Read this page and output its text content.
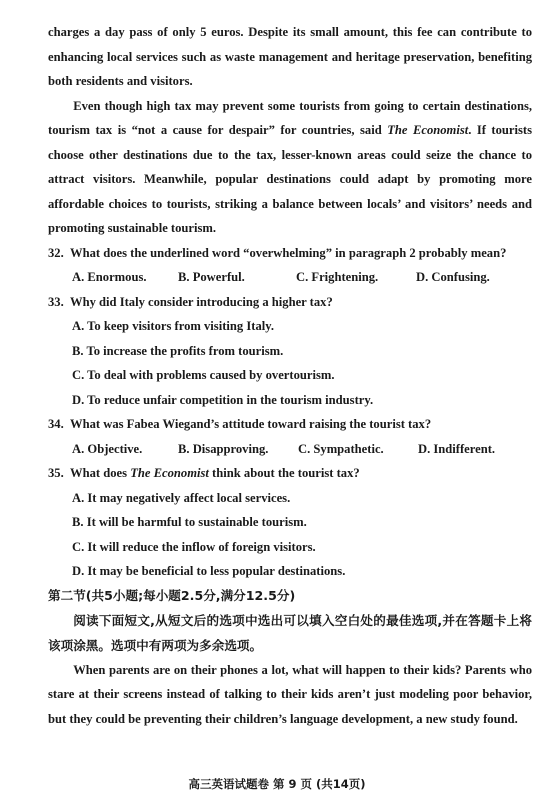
charges a day pass of only 5 euros. Despite its small amount, this fee can contribute to enhancing local services such as waste management and heritage preservation, benefiting both residents and visitors.

Even though high tax may prevent some tourists from going to certain destinations, tourism tax is “not a cause for despair” for countries, said The Economist. If tourists choose other destinations due to the tax, lesser-known areas could seize the chance to attract visitors. Meanwhile, popular destinations could adapt by promoting more affordable choices to tourists, striking a balance between locals’ and visitors’ needs and promoting sustainable tourism.

32. What does the underlined word “overwhelming” in paragraph 2 probably mean?

A. Enormous.	B. Powerful.	C. Frightening.	D. Confusing.

33. Why did Italy consider introducing a higher tax?

A. To keep visitors from visiting Italy.

B. To increase the profits from tourism.

C. To deal with problems caused by overtourism.

D. To reduce unfair competition in the tourism industry.

34. What was Fabea Wiegand’s attitude toward raising the tourist tax?

A. Objective.	B. Disapproving.	C. Sympathetic.	D. Indifferent.

35. What does The Economist think about the tourist tax?

A. It may negatively affect local services.

B. It will be harmful to sustainable tourism.

C. It will reduce the inflow of foreign visitors.

D. It may be beneficial to less popular destinations.

第二节(共5小题;每小题2.5分,满分12.5分)

阅读下面短文,从短文后的选项中选出可以填入空白处的最佳选项,并在答题卡上将该项涂黑。选项中有两项为多余选项。

When parents are on their phones a lot, what will happen to their kids? Parents who stare at their screens instead of talking to their kids aren’t just modeling poor behavior, but they could be preventing their children’s language development, a new study found.

高三英语试题卷 第 9 页 (共14页)
